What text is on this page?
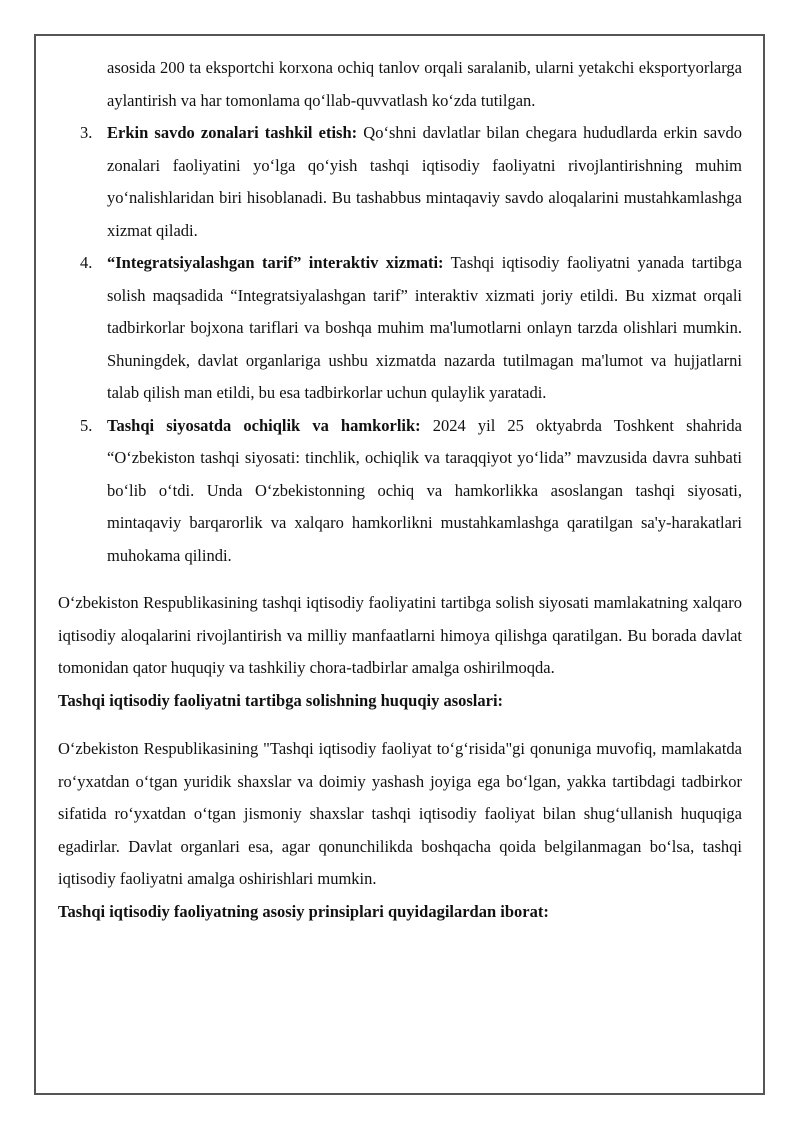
asosida 200 ta eksportchi korxona ochiq tanlov orqali saralanib, ularni yetakchi eksportyorlarga aylantirish va har tomonlama qo‘llab-quvvatlash ko‘zda tutilgan.
3. Erkin savdo zonalari tashkil etish: Qo‘shni davlatlar bilan chegara hududlarda erkin savdo zonalari faoliyatini yo‘lga qo‘yish tashqi iqtisodiy faoliyatni rivojlantirishning muhim yo‘nalishlaridan biri hisoblanadi. Bu tashabbus mintaqaviy savdo aloqalarini mustahkamlashga xizmat qiladi.
4. “Integratsiyalashgan tarif” interaktiv xizmati: Tashqi iqtisodiy faoliyatni yanada tartibga solish maqsadida “Integratsiyalashgan tarif” interaktiv xizmati joriy etildi. Bu xizmat orqali tadbirkorlar bojxona tariflari va boshqa muhim ma'lumotlarni onlayn tarzda olishlari mumkin. Shuningdek, davlat organlariga ushbu xizmatda nazarda tutilmagan ma'lumot va hujjatlarni talab qilish man etildi, bu esa tadbirkorlar uchun qulaylik yaratadi.
5. Tashqi siyosatda ochiqlik va hamkorlik: 2024 yil 25 oktyabrda Toshkent shahrida “O‘zbekiston tashqi siyosati: tinchlik, ochiqlik va taraqqiyot yo‘lida” mavzusida davra suhbati bo‘lib o‘tdi. Unda O‘zbekistonning ochiq va hamkorlikka asoslangan tashqi siyosati, mintaqaviy barqarorlik va xalqaro hamkorlikni mustahkamlashga qaratilgan sa'y-harakatlari muhokama qilindi.

O‘zbekiston Respublikasining tashqi iqtisodiy faoliyatini tartibga solish siyosati mamlakatning xalqaro iqtisodiy aloqalarini rivojlantirish va milliy manfaatlarni himoya qilishga qaratilgan. Bu borada davlat tomonidan qator huquqiy va tashkiliy chora-tadbirlar amalga oshirilmoqda.

Tashqi iqtisodiy faoliyatni tartibga solishning huquqiy asoslari:

O‘zbekiston Respublikasining "Tashqi iqtisodiy faoliyat to‘g‘risida"gi qonuniga muvofiq, mamlakatda ro‘yxatdan o‘tgan yuridik shaxslar va doimiy yashash joyiga ega bo‘lgan, yakka tartibdagi tadbirkor sifatida ro‘yxatdan o‘tgan jismoniy shaxslar tashqi iqtisodiy faoliyat bilan shug‘ullanish huquqiga egadirlar. Davlat organlari esa, agar qonunchilikda boshqacha qoida belgilanmagan bo‘lsa, tashqi iqtisodiy faoliyatni amalga oshirishlari mumkin.

Tashqi iqtisodiy faoliyatning asosiy prinsiplari quyidagilardan iborat:
